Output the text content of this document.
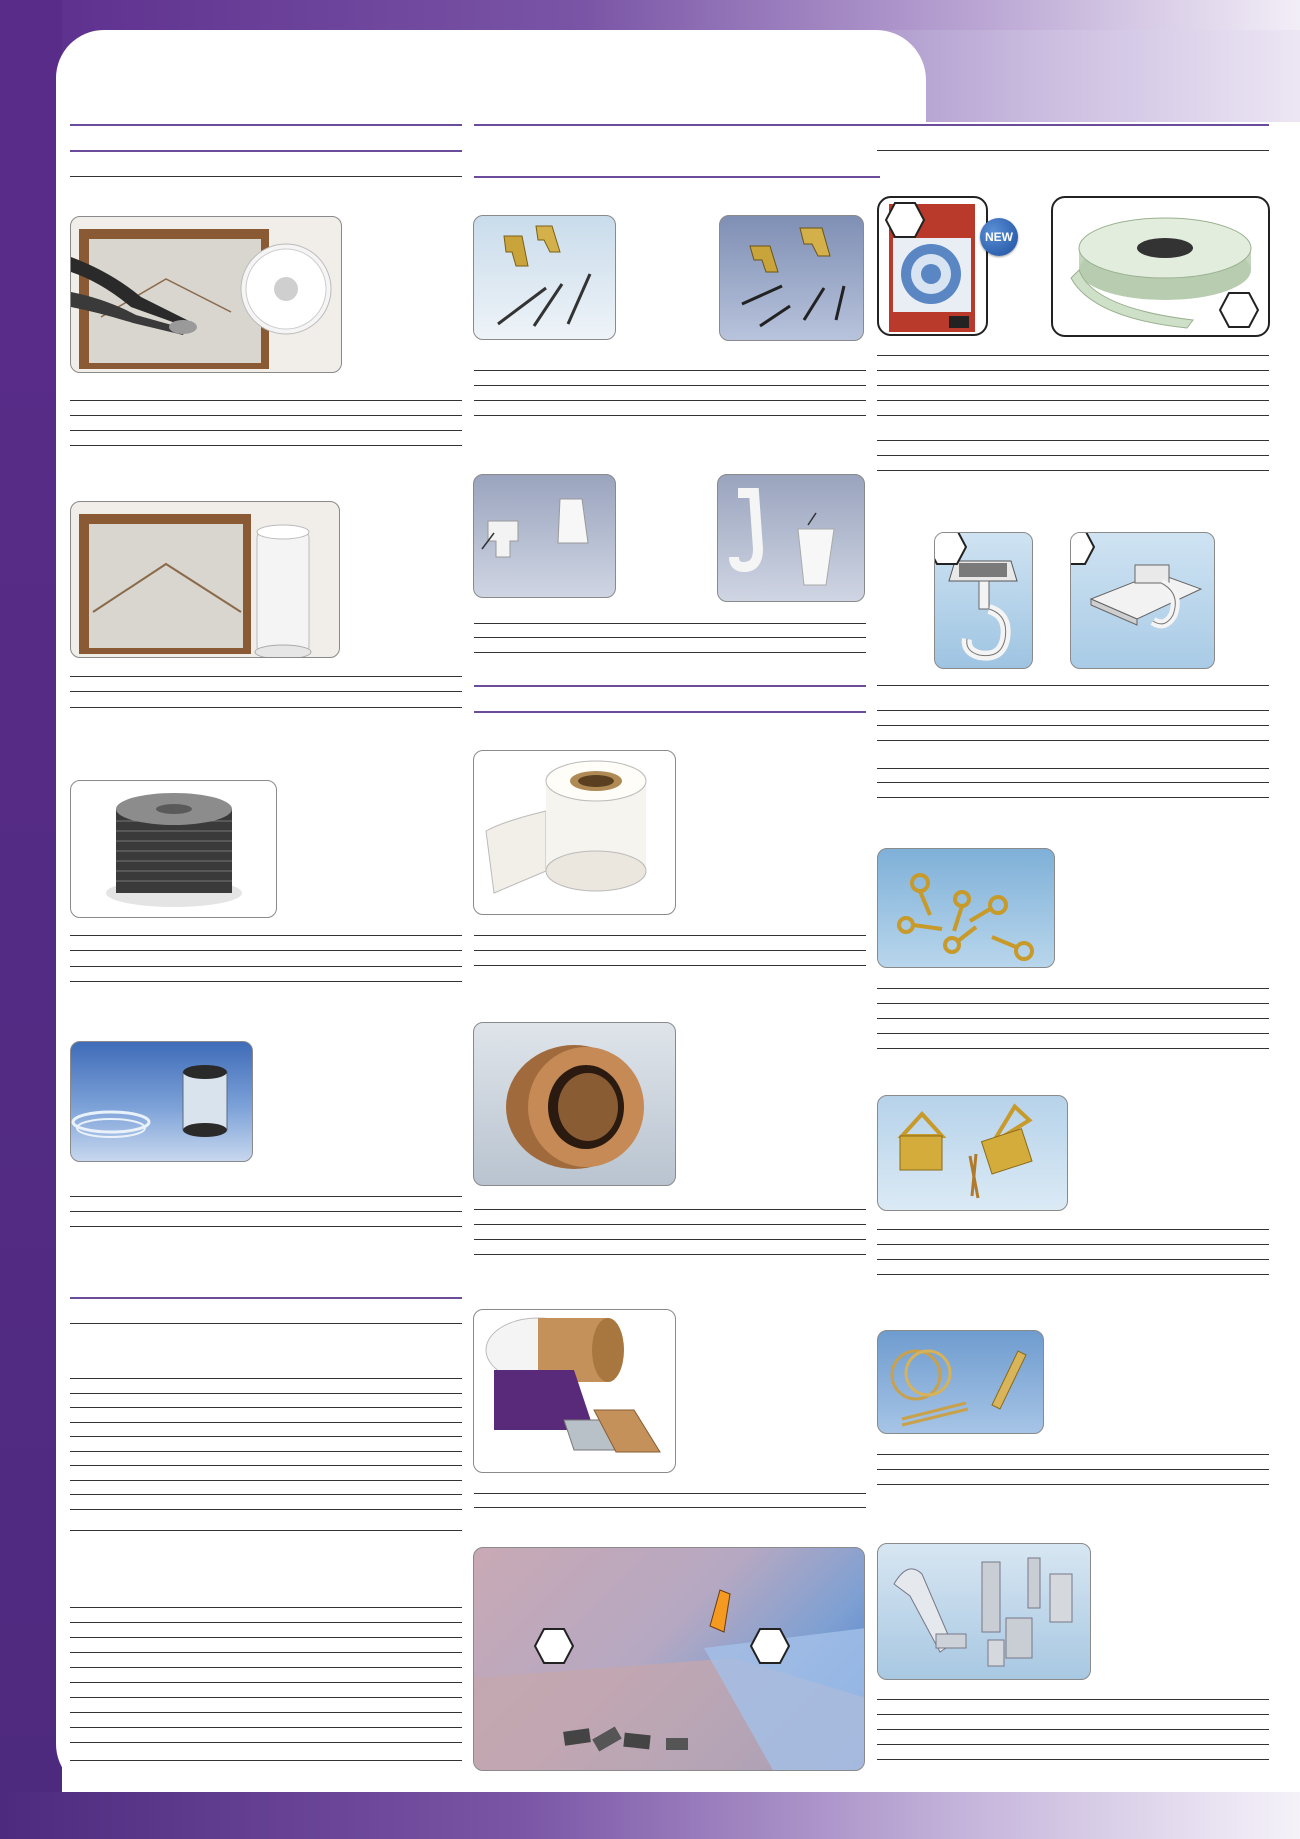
NEW
